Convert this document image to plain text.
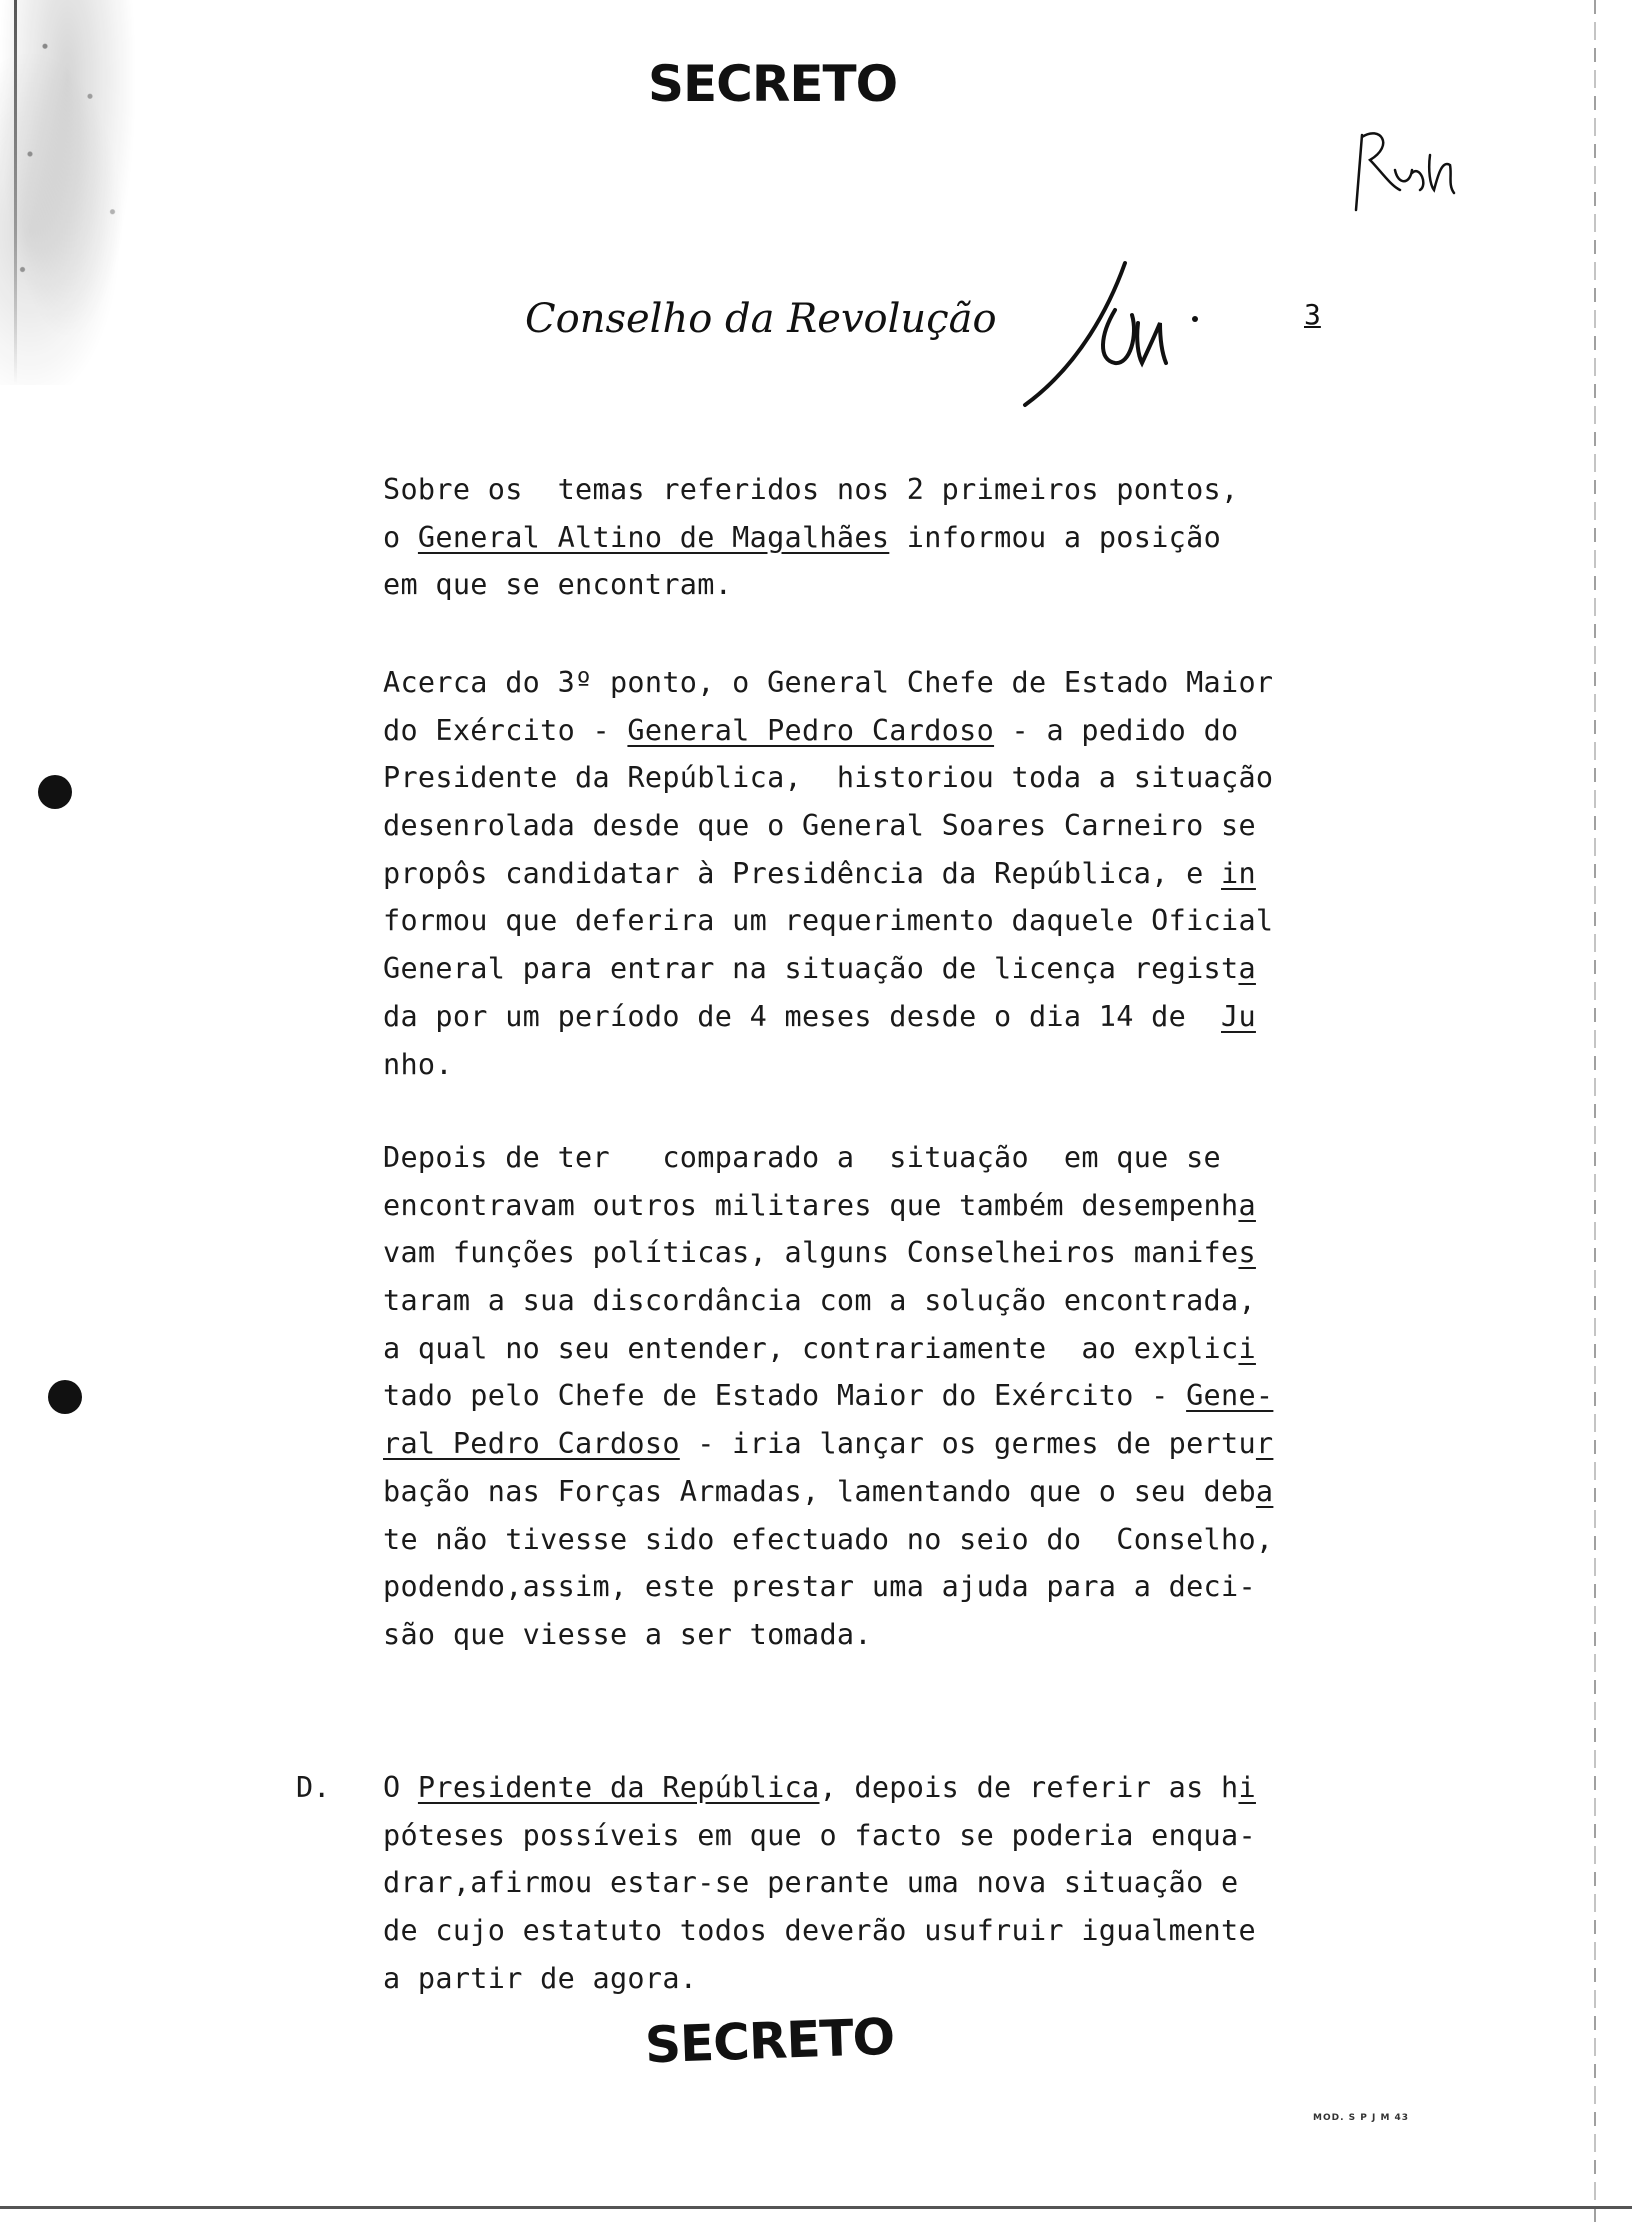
SECRETO
Conselho da Revolução	3
Sobre os  temas referidos nos 2 primeiros pontos,
o General Altino de Magalhães informou a posição
em que se encontram.
Acerca do 3º ponto, o General Chefe de Estado Maior
do Exército - General Pedro Cardoso - a pedido do
Presidente da República,  historiou toda a situação
desenrolada desde que o General Soares Carneiro se
propôs candidatar à Presidência da República, e in
formou que deferira um requerimento daquele Oficial
General para entrar na situação de licença regista
da por um período de 4 meses desde o dia 14 de  Ju
nho.
Depois de ter   comparado a  situação  em que se
encontravam outros militares que também desempenha
vam funções políticas, alguns Conselheiros manifes
taram a sua discordância com a solução encontrada,
a qual no seu entender, contrariamente  ao explici
tado pelo Chefe de Estado Maior do Exército - Gene-
ral Pedro Cardoso - iria lançar os germes de pertur
bação nas Forças Armadas, lamentando que o seu deba
te não tivesse sido efectuado no seio do  Conselho,
podendo,assim, este prestar uma ajuda para a deci-
são que viesse a ser tomada.
O Presidente da República, depois de referir as hi
póteses possíveis em que o facto se poderia enqua-
drar,afirmou estar-se perante uma nova situação e
de cujo estatuto todos deverão usufruir igualmente
a partir de agora.
D.
SECRETO
MOD. S P J M 43
